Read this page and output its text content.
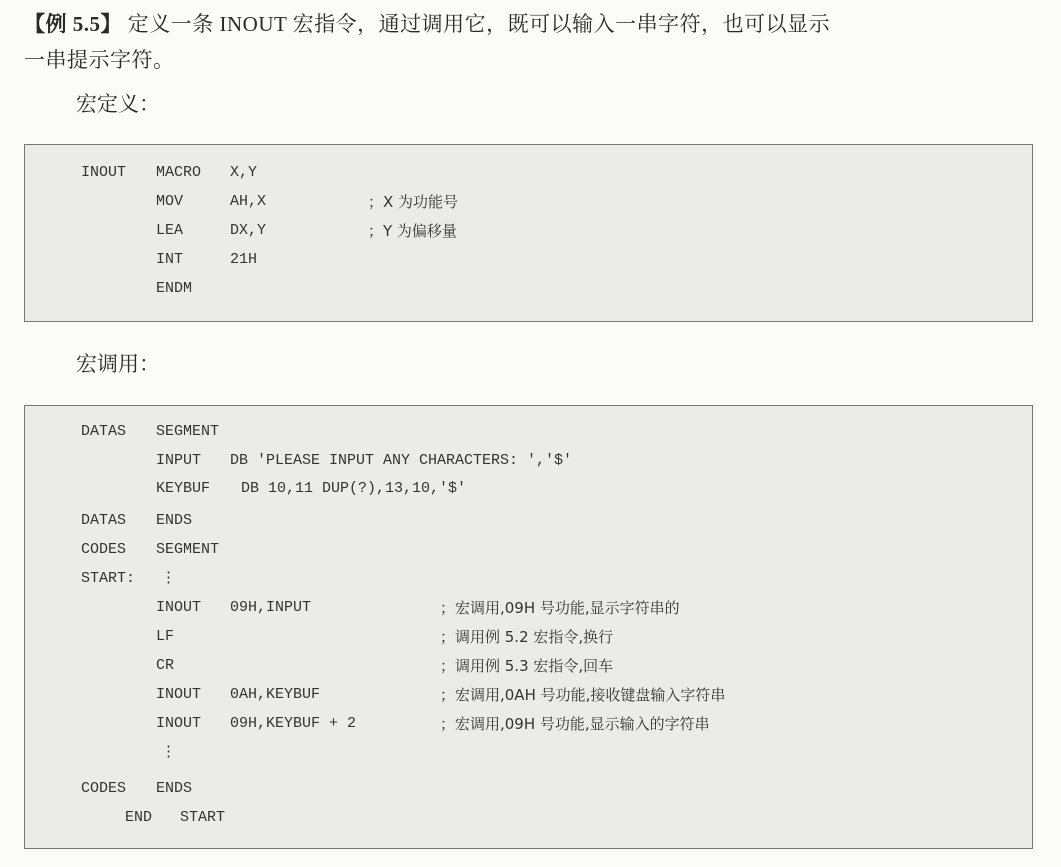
【例 5.5】 定义一条 INOUT 宏指令，通过调用它，既可以输入一串字符，也可以显示
一串提示字符。
宏定义：
INOUT MACRO X,Y
MOV	AH,X	；X 为功能号
LEA	DX,Y	；Y 为偏移量
INT	21H
ENDM
宏调用：
DATAS SEGMENT
INPUT DB 'PLEASE INPUT ANY CHARACTERS: ','$'
KEYBUF DB 10,11 DUP(?),13,10,'$'
DATAS ENDS
CODES SEGMENT
START: ⋮
INOUT 09H,INPUT	；宏调用,09H 号功能,显示字符串的
LF	；调用例 5.2 宏指令,换行
CR	；调用例 5.3 宏指令,回车
INOUT 0AH,KEYBUF	；宏调用,0AH 号功能,接收键盘输入字符串
INOUT 09H,KEYBUF + 2	；宏调用,09H 号功能,显示输入的字符串
⋮
CODES ENDS
END START
